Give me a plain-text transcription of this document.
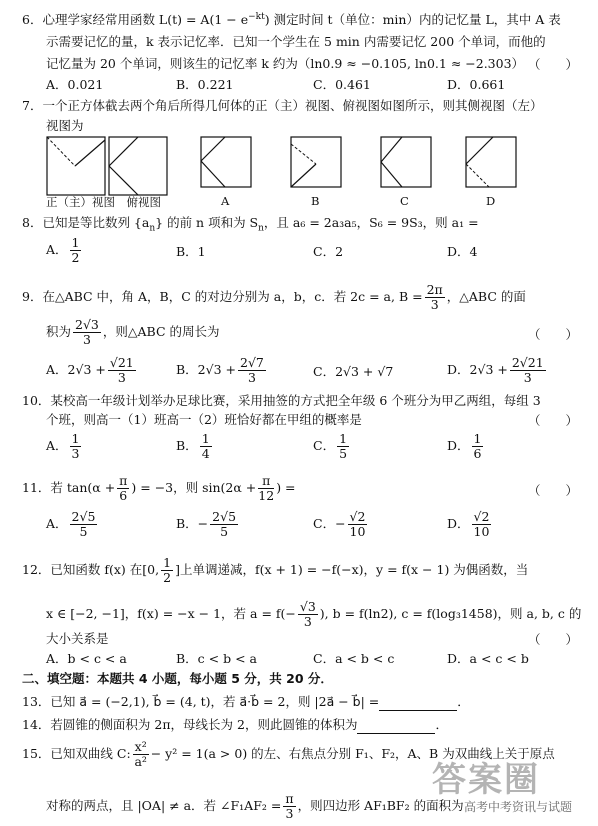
6．心理学家经常用函数 $L(t) = A(1 - e^{-kt})$ 测定时间 t（单位：min）内的记忆量 L，其中 A 表
示需要记忆的量，k 表示记忆率．已知一个学生在 5 min 内需要记忆 200 个单词，而他的
记忆量为 20 个单词，则该生的记忆率 k 约为（ln0.9 ≈ −0.105, ln0.1 ≈ −2.303） （　　）
A．0.021	B．0.221	C．0.461	D．0.661
7．一个正方体截去两个角后所得几何体的正（主）视图、俯视图如图所示，则其侧视图（左）
视图为
正（主）视图　俯视图	A	B	C	D
8．已知是等比数列 $\{a_n\}$ 的前 n 项和为 $S_n$，且 a₆ = 2a₃a₅，S₆ = 9S₃，则 a₁ =
A． $\frac{1}{2}$	B．1	C．2	D．4
9．在△ABC 中，角 A，B，C 的对边分别为 a，b，c．若 2c = a, $B = \frac{2\pi}{3}$ ，△ABC 的面
积为 $\frac{2√3}{3}$ ，则△ABC 的周长为	（　　）
A．$2√3 + \frac{√21}{3}$	B．$2√3 + \frac{2√7}{3}$	C．2√3 + √7	D．$2√3 + \frac{2√21}{3}$
10．某校高一年级计划举办足球比赛，采用抽签的方式把全年级 6 个班分为甲乙两组，每组 3
个班，则高一（1）班高一（2）班恰好都在甲组的概率是	（　　）
A． $\frac{1}{3}$	B． $\frac{1}{4}$	C． $\frac{1}{5}$	D． $\frac{1}{6}$
11．若 $\tan(\alpha + \frac{\pi}{6}$ ) = −3，则 $\sin(2\alpha + \frac{\pi}{12}$ ) =	（　　）
A． $\frac{2√5}{5}$	B．− $\frac{2√5}{5}$	C．− $\frac{√2}{10}$	D． $\frac{√2}{10}$
12．已知函数 f(x) 在[0, $\frac{1}{2}$ ]上单调递减，f(x + 1) = −f(−x)，y = f(x − 1) 为偶函数，当
x ∈ [−2, −1]，f(x) = −x − 1，若 $a = f(- \frac{√3}{3}$ ), b = f(ln2), c = f(log₃1458)，则 a, b, c 的
大小关系是	（　　）
A．b < c < a	B．c < b < a	C．a < b < c	D．a < c < b
二、填空题：本题共 4 小题，每小题 5 分，共 20 分．
13．已知 a⃗ = (−2,1), b⃗ = (4, t)，若 a⃗·b⃗ = 2，则 |2a⃗ − b⃗| =	．
14．若圆锥的侧面积为 2π，母线长为 2，则此圆锥的体积为	．
15．已知双曲线 C: $\frac{\text{x²}}{\text{a²}} - y^2 = 1(a > 0)$ 的左、右焦点分别 F₁、F₂，A、B 为双曲线上关于原点
对称的两点，且 |OA| ≠ a．若 ∠F₁AF₂ = $\frac{\pi}{3}$ ，则四边形 AF₁BF₂ 的面积为
答案圈
高考中考资讯与试题
